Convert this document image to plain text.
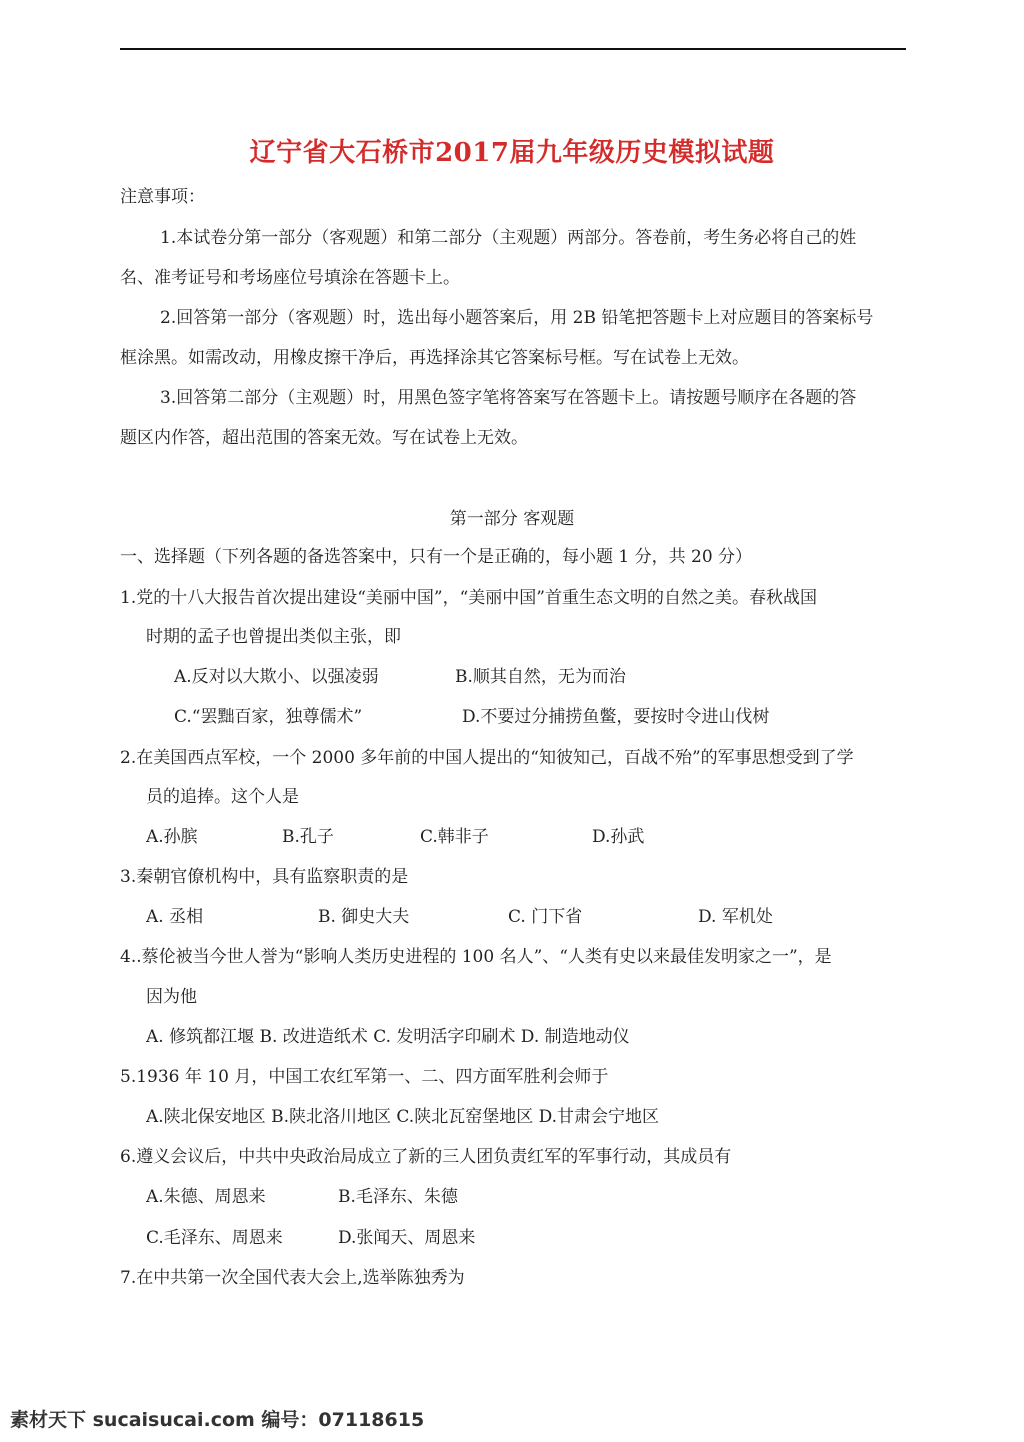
辽宁省大石桥市2017届九年级历史模拟试题
注意事项：
1.本试卷分第一部分（客观题）和第二部分（主观题）两部分。答卷前，考生务必将自己的姓
名、准考证号和考场座位号填涂在答题卡上。
2.回答第一部分（客观题）时，选出每小题答案后，用 2B 铅笔把答题卡上对应题目的答案标号
框涂黑。如需改动，用橡皮擦干净后，再选择涂其它答案标号框。写在试卷上无效。
3.回答第二部分（主观题）时，用黑色签字笔将答案写在答题卡上。请按题号顺序在各题的答
题区内作答，超出范围的答案无效。写在试卷上无效。
第一部分 客观题
一、选择题（下列各题的备选答案中，只有一个是正确的，每小题 1 分，共 20 分）
1.党的十八大报告首次提出建设“美丽中国”，“美丽中国”首重生态文明的自然之美。春秋战国
时期的孟子也曾提出类似主张，即
A.反对以大欺小、以强凌弱	B.顺其自然，无为而治
C.“罢黜百家，独尊儒术”	D.不要过分捕捞鱼鳖，要按时令进山伐树
2.在美国西点军校，一个 2000 多年前的中国人提出的“知彼知己，百战不殆”的军事思想受到了学
员的追捧。这个人是
A.孙膑	B.孔子	C.韩非子	D.孙武
3.秦朝官僚机构中，具有监察职责的是
A. 丞相	B. 御史大夫	C. 门下省	D. 军机处
4..蔡伦被当今世人誉为“影响人类历史进程的 100 名人”、“人类有史以来最佳发明家之一”，是
因为他
A. 修筑都江堰 B. 改进造纸术 C. 发明活字印刷术 D. 制造地动仪
5.1936 年 10 月，中国工农红军第一、二、四方面军胜利会师于
A.陕北保安地区 B.陕北洛川地区 C.陕北瓦窑堡地区 D.甘肃会宁地区
6.遵义会议后，中共中央政治局成立了新的三人团负责红军的军事行动，其成员有
A.朱德、周恩来	B.毛泽东、朱德
C.毛泽东、周恩来	D.张闻天、周恩来
7.在中共第一次全国代表大会上,选举陈独秀为
素材天下 sucaisucai.com 编号：07118615
